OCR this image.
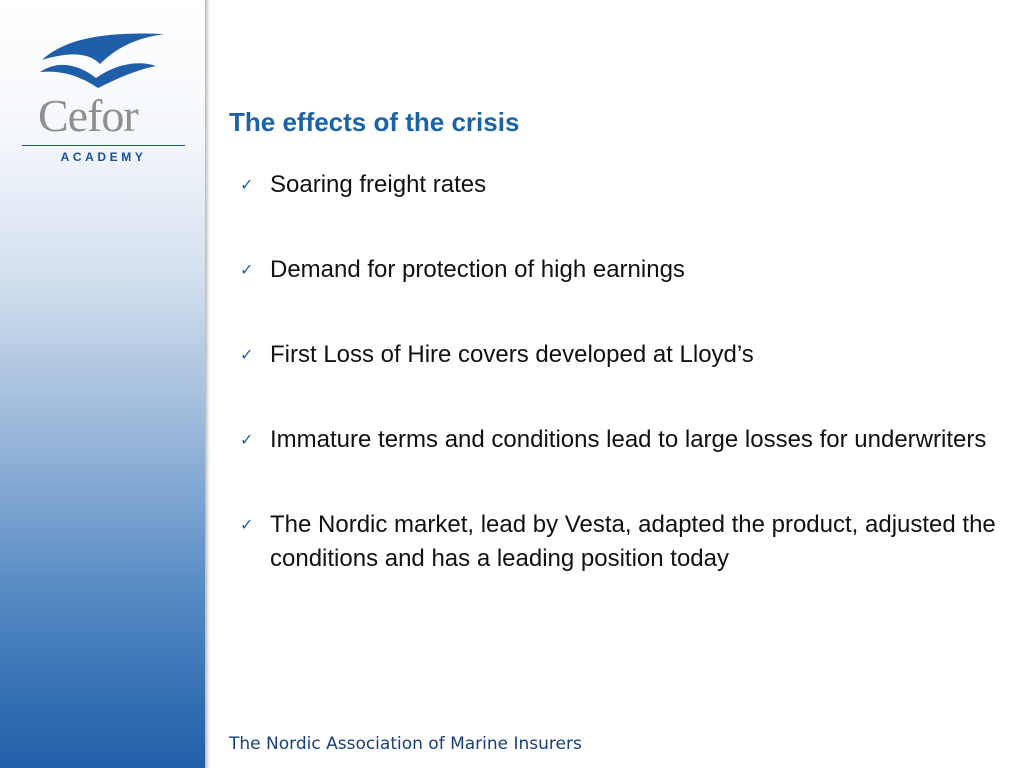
Cefor
ACADEMY
The effects of the crisis
✓ Soaring freight rates
✓ Demand for protection of high earnings
✓ First Loss of Hire covers developed at Lloyd’s
✓ Immature terms and conditions lead to large losses for underwriters
✓ The Nordic market, lead by Vesta, adapted the product, adjusted the conditions and has a leading position today
The Nordic Association of Marine Insurers
